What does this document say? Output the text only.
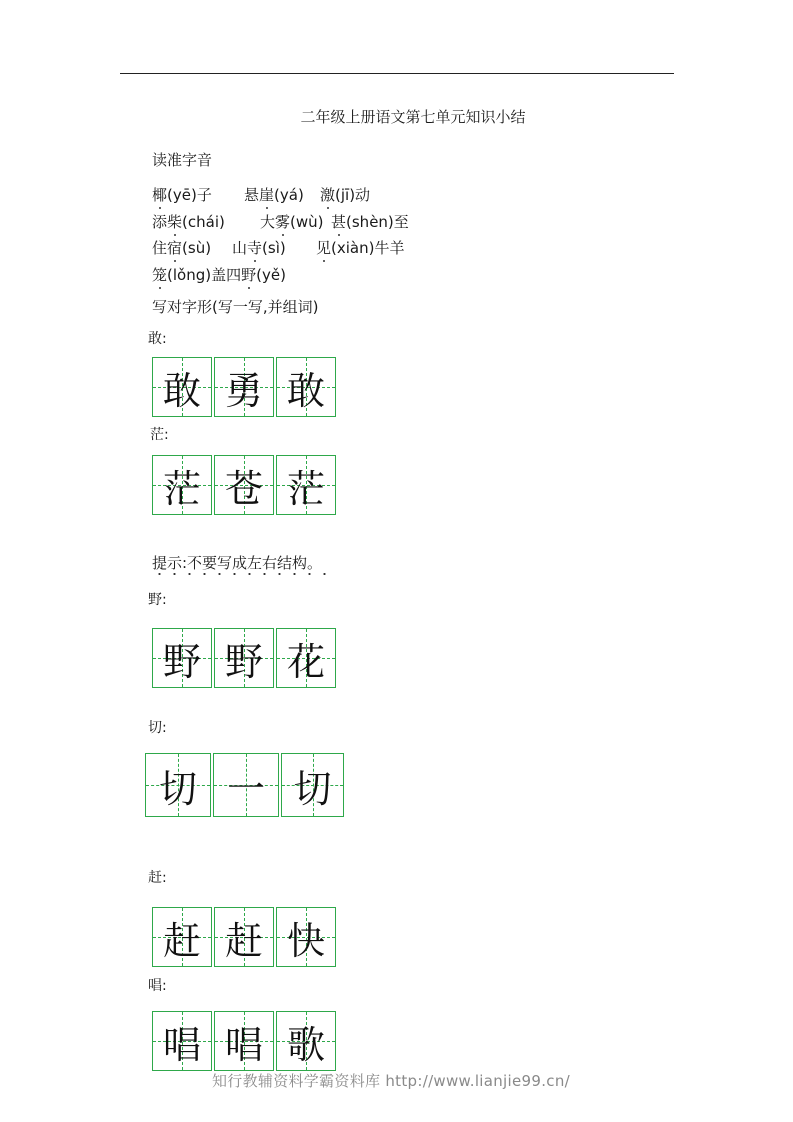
二年级上册语文第七单元知识小结
读准字音
椰(yē)子 悬崖(yá) 激(jī)动
添柴(chái) 大雾(wù) 甚(shèn)至
住宿(sù) 山寺(sì) 见(xiàn)牛羊
笼(lǒng)盖四野(yě)
写对字形(写一写,并组词)
敢:
敢 勇 敢
茫:
茫 苍 茫
提示:不要写成左右结构。
野:
野 野 花
切:
切 一 切
赶:
赶 赶 快
唱:
唱 唱 歌
知行教辅资料学霸资料库 http://www.lianjie99.cn/
